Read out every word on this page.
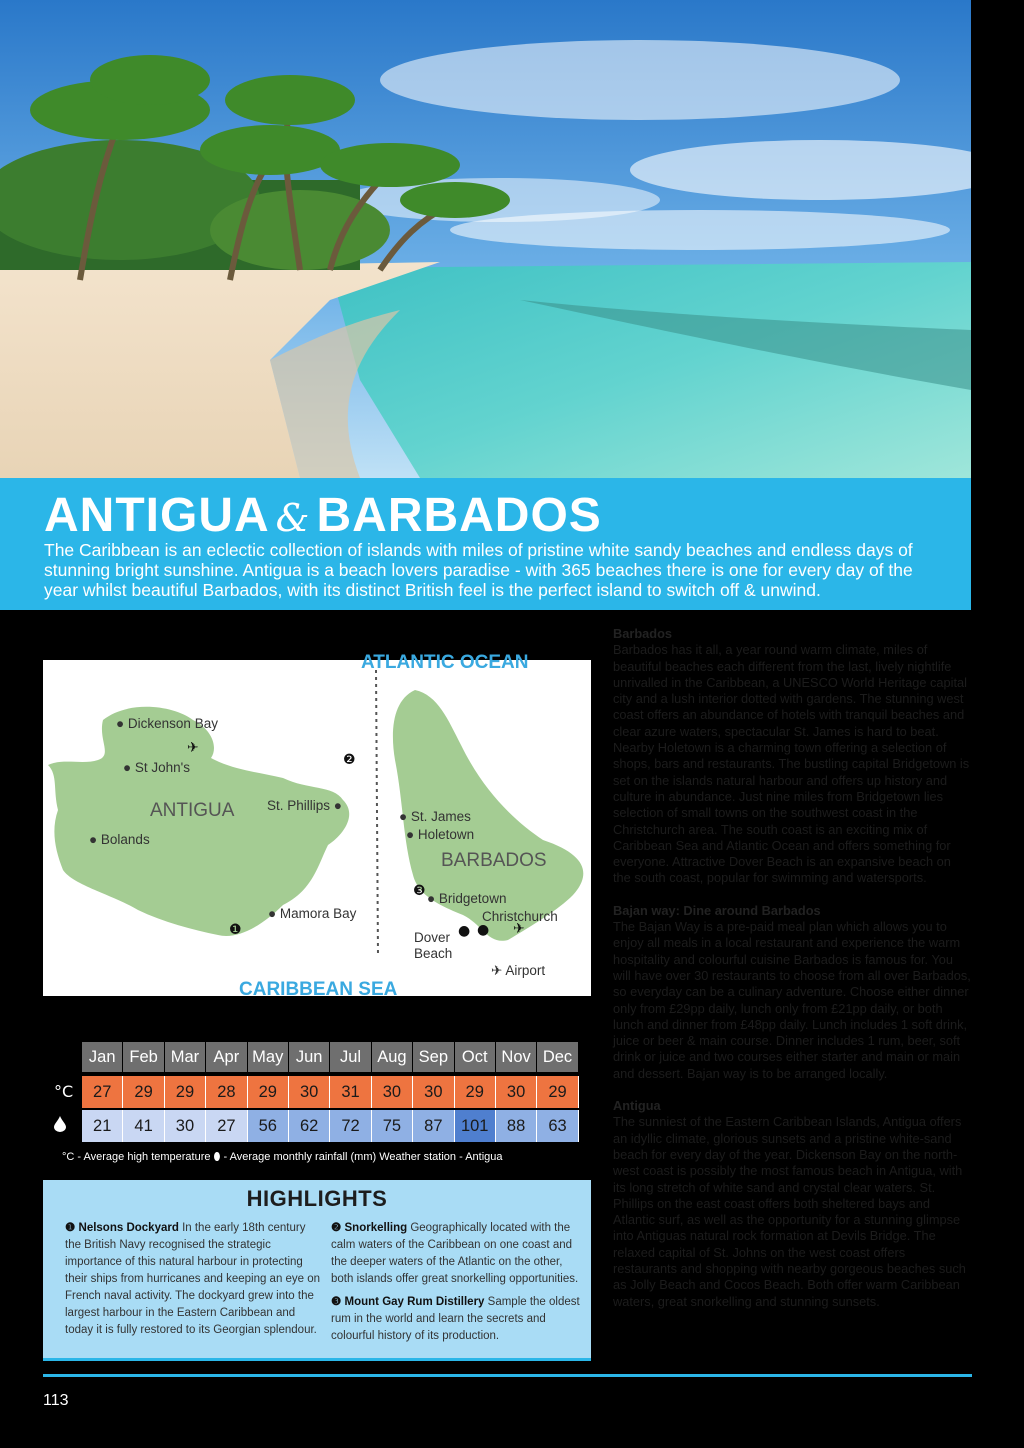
ANTIGUA & BARBADOS
The Caribbean is an eclectic collection of islands with miles of pristine white sandy beaches and endless days of stunning bright sunshine. Antigua is a beach lovers paradise - with 365 beaches there is one for every day of the year whilst beautiful Barbados, with its distinct British feel is the perfect island to switch off & unwind.
ATLANTIC OCEAN
CARIBBEAN SEA
ANTIGUA
BARBADOS
● Dickenson Bay
● St John's
St. Phillips ●
● Bolands
● Mamora Bay
● St. James
● Holetown
● Bridgetown
Christchurch
Dover
Beach
● ●
✈
✈
❷
❶
❸
✈ Airport
Jan Feb Mar Apr May Jun	Jul Aug Sep Oct Nov Dec
°C	27	29	29	28	29	30	31	30	30	29	30	29
21	41	30	27	56	62	72	75	87	101	88	63
°C - Average high temperature ⬮ - Average monthly rainfall (mm) Weather station - Antigua
HIGHLIGHTS

❶ Nelsons Dockyard In the early 18th century the British Navy recognised the strategic importance of this natural harbour in protecting their ships from hurricanes and keeping an eye on French naval activity. The dockyard grew into the largest harbour in the Eastern Caribbean and today it is fully restored to its Georgian splendour.

❷ Snorkelling Geographically located with the calm waters of the Caribbean on one coast and the deeper waters of the Atlantic on the other, both islands offer great snorkelling opportunities.

❸ Mount Gay Rum Distillery Sample the oldest rum in the world and learn the secrets and colourful history of its production.

113

Barbados
Barbados has it all, a year round warm climate, miles of beautiful beaches each different from the last, lively nightlife unrivalled in the Caribbean, a UNESCO World Heritage capital city and a lush interior dotted with gardens. The stunning west coast offers an abundance of hotels with tranquil beaches and clear azure waters, spectacular St. James is hard to beat. Nearby Holetown is a charming town offering a selection of shops, bars and restaurants. The bustling capital Bridgetown is set on the islands natural harbour and offers up history and culture in abundance. Just nine miles from Bridgetown lies selection of small towns on the southwest coast in the Christchurch area. The south coast is an exciting mix of Caribbean Sea and Atlantic Ocean and offers something for everyone. Attractive Dover Beach is an expansive beach on the south coast, popular for swimming and watersports.

Bajan way: Dine around Barbados
The Bajan Way is a pre-paid meal plan which allows you to enjoy all meals in a local restaurant and experience the warm hospitality and colourful cuisine Barbados is famous for. You will have over 30 restaurants to choose from all over Barbados, so everyday can be a culinary adventure. Choose either dinner only from £29pp daily, lunch only from £21pp daily, or both lunch and dinner from £48pp daily. Lunch includes 1 soft drink, juice or beer & main course. Dinner includes 1 rum, beer, soft drink or juice and two courses either starter and main or main and dessert. Bajan way is to be arranged locally.

Antigua
The sunniest of the Eastern Caribbean Islands, Antigua offers an idyllic climate, glorious sunsets and a pristine white-sand beach for every day of the year. Dickenson Bay on the north-west coast is possibly the most famous beach in Antigua, with its long stretch of white sand and crystal clear waters. St. Phillips on the east coast offers both sheltered bays and Atlantic surf, as well as the opportunity for a stunning glimpse into Antiguas natural rock formation at Devils Bridge. The relaxed capital of St. Johns on the west coast offers restaurants and shopping with nearby gorgeous beaches such as Jolly Beach and Cocos Beach. Both offer warm Caribbean waters, great snorkelling and stunning sunsets.
